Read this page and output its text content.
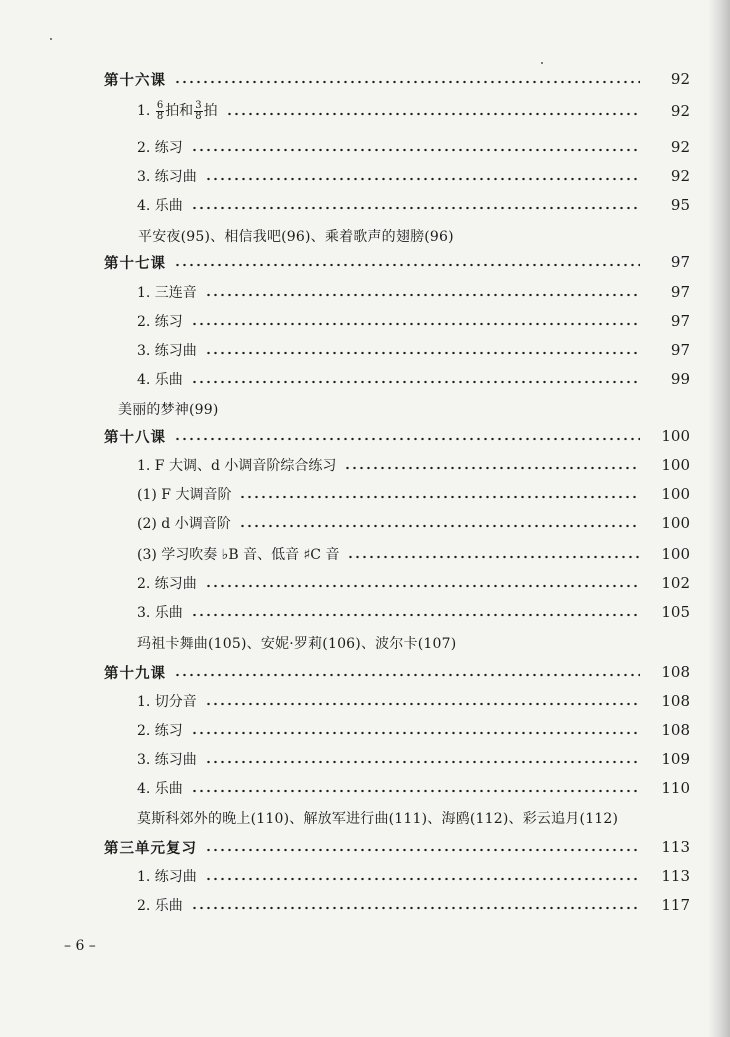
第十六课	92
1. $\frac{6}{8}$ 拍和 $\frac{3}{8}$ 拍	92
2. 练习	92
3. 练习曲	92
4. 乐曲	95
平安夜(95)、相信我吧(96)、乘着歌声的翅膀(96)
第十七课	97
1. 三连音	97
2. 练习	97
3. 练习曲	97
4. 乐曲	99
美丽的梦神(99)
第十八课	100
1. F 大调、d 小调音阶综合练习	100
(1) F 大调音阶	100
(2) d 小调音阶	100
(3) 学习吹奏 ♭B 音、低音 ♯C 音	100
2. 练习曲	102
3. 乐曲	105
玛祖卡舞曲(105)、安妮·罗莉(106)、波尔卡(107)
第十九课	108
1. 切分音	108
2. 练习	108
3. 练习曲	109
4. 乐曲	110
莫斯科郊外的晚上(110)、解放军进行曲(111)、海鸥(112)、彩云追月(112)
第三单元复习	113
1. 练习曲	113
2. 乐曲	117
– 6 –
